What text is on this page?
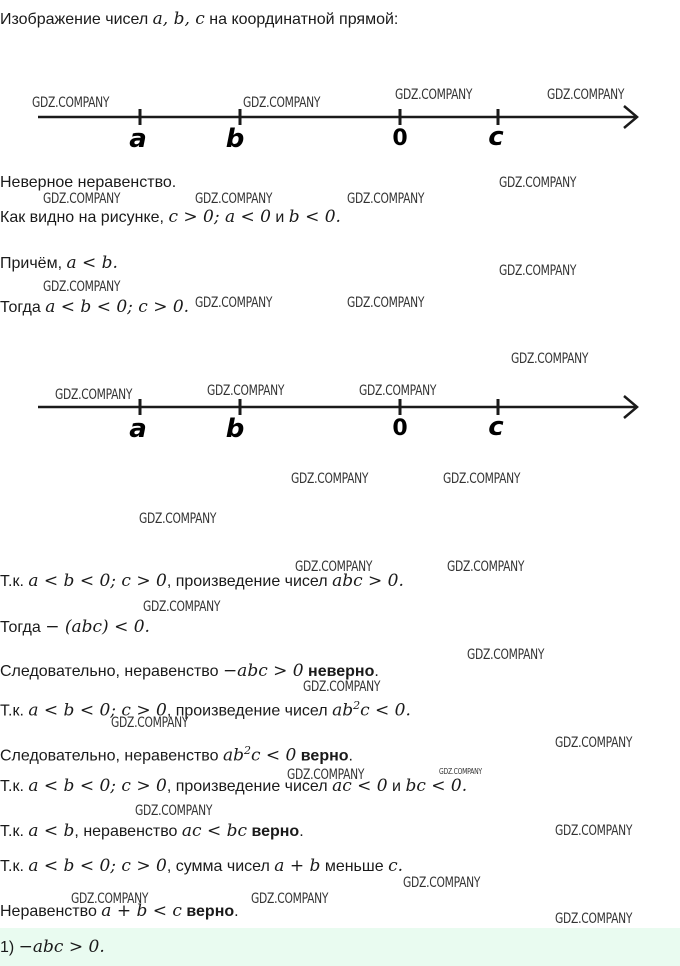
Изображение чисел a, b, c на координатной прямой:
a	b	0	c
a	b	0	c
Неверное неравенство.
Как видно на рисунке, c > 0; a < 0 и b < 0.
Причём, a < b.
Тогда a < b < 0; c > 0.
Т.к. a < b < 0; c > 0, произведение чисел abc > 0.
Тогда − (abc) < 0.
Следовательно, неравенство −abc > 0 неверно.
Т.к. a < b < 0; c > 0, произведение чисел $ab^2c < 0$.
Следовательно, неравенство $ab^2c < 0$ верно.
Т.к. a < b < 0; c > 0, произведение чисел ac < 0 и bc < 0.
Т.к. a < b, неравенство ac < bc верно.
Т.к. a < b < 0; c > 0, сумма чисел a + b меньше c.
Неравенство a + b < c верно.
1) −abc > 0.
GDZ.COMPANY	GDZ.COMPANY	GDZ.COMPANY	GDZ.COMPANY
GDZ.COMPANY
GDZ.COMPANY	GDZ.COMPANY	GDZ.COMPANY
GDZ.COMPANY
GDZ.COMPANY
GDZ.COMPANY	GDZ.COMPANY
GDZ.COMPANY
GDZ.COMPANY	GDZ.COMPANY	GDZ.COMPANY
GDZ.COMPANY	GDZ.COMPANY
GDZ.COMPANY
GDZ.COMPANY	GDZ.COMPANY
GDZ.COMPANY
GDZ.COMPANY
GDZ.COMPANY
GDZ.COMPANY
GDZ.COMPANY
GDZ.COMPANY	GDZ.COMPANY
GDZ.COMPANY
GDZ.COMPANY
GDZ.COMPANY
GDZ.COMPANY	GDZ.COMPANY
GDZ.COMPANY
